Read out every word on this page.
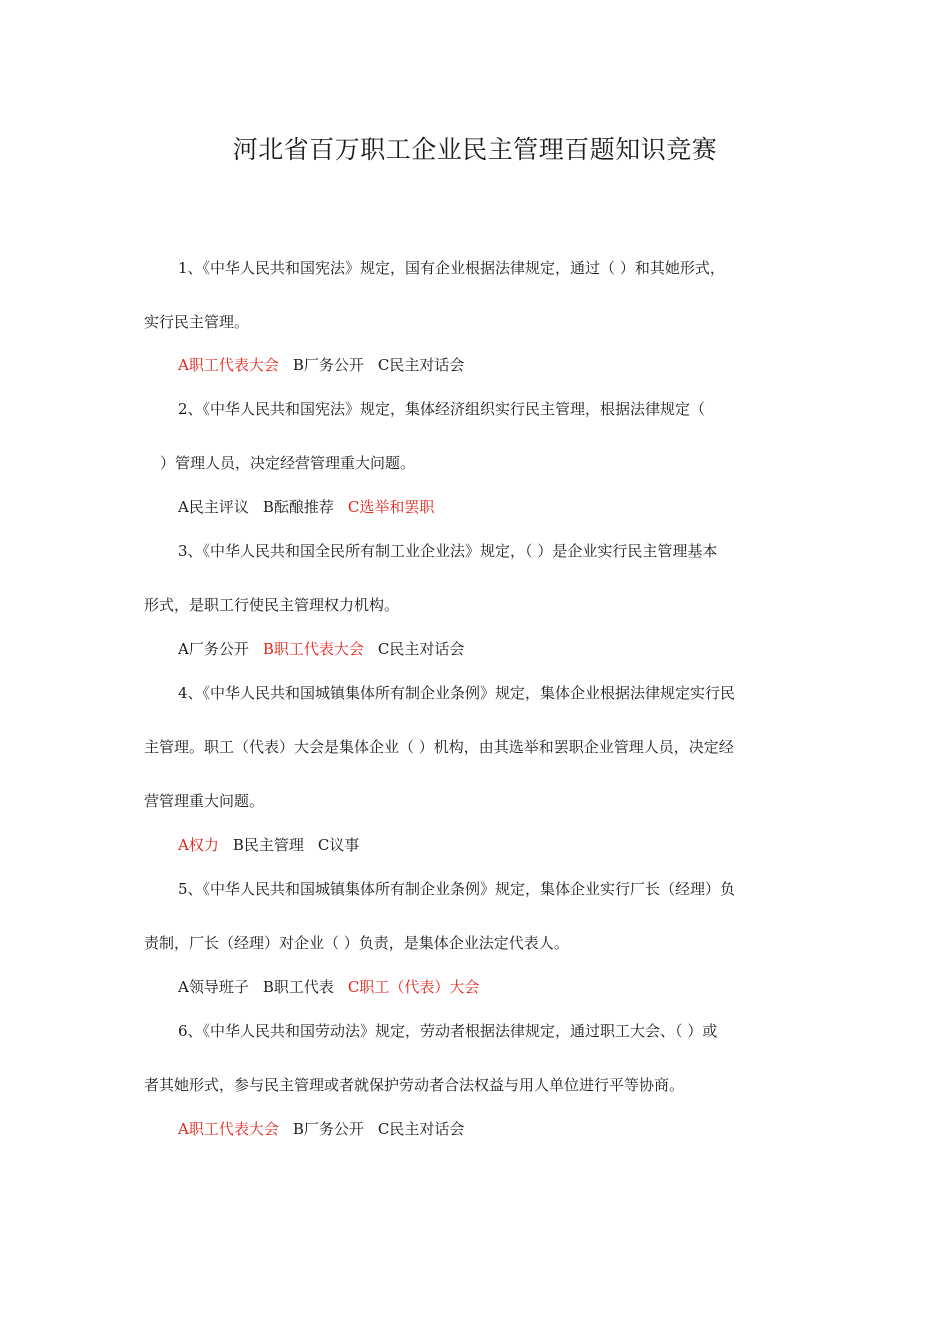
河北省百万职工企业民主管理百题知识竞赛
1、《中华人民共和国宪法》规定，国有企业根据法律规定，通过（ ）和其她形式，
实行民主管理。
A职工代表大会 B厂务公开 C民主对话会
2、《中华人民共和国宪法》规定，集体经济组织实行民主管理，根据法律规定（
）管理人员，决定经营管理重大问题。
A民主评议 B酝酿推荐 C选举和罢职
3、《中华人民共和国全民所有制工业企业法》规定，（ ）是企业实行民主管理基本
形式，是职工行使民主管理权力机构。
A厂务公开 B职工代表大会 C民主对话会
4、《中华人民共和国城镇集体所有制企业条例》规定，集体企业根据法律规定实行民
主管理。职工（代表）大会是集体企业（ ）机构，由其选举和罢职企业管理人员，决定经
营管理重大问题。
A权力 B民主管理 C议事
5、《中华人民共和国城镇集体所有制企业条例》规定，集体企业实行厂长（经理）负
责制，厂长（经理）对企业（ ）负责，是集体企业法定代表人。
A领导班子 B职工代表 C职工（代表）大会
6、《中华人民共和国劳动法》规定，劳动者根据法律规定，通过职工大会、（ ）或
者其她形式，参与民主管理或者就保护劳动者合法权益与用人单位进行平等协商。
A职工代表大会 B厂务公开 C民主对话会
